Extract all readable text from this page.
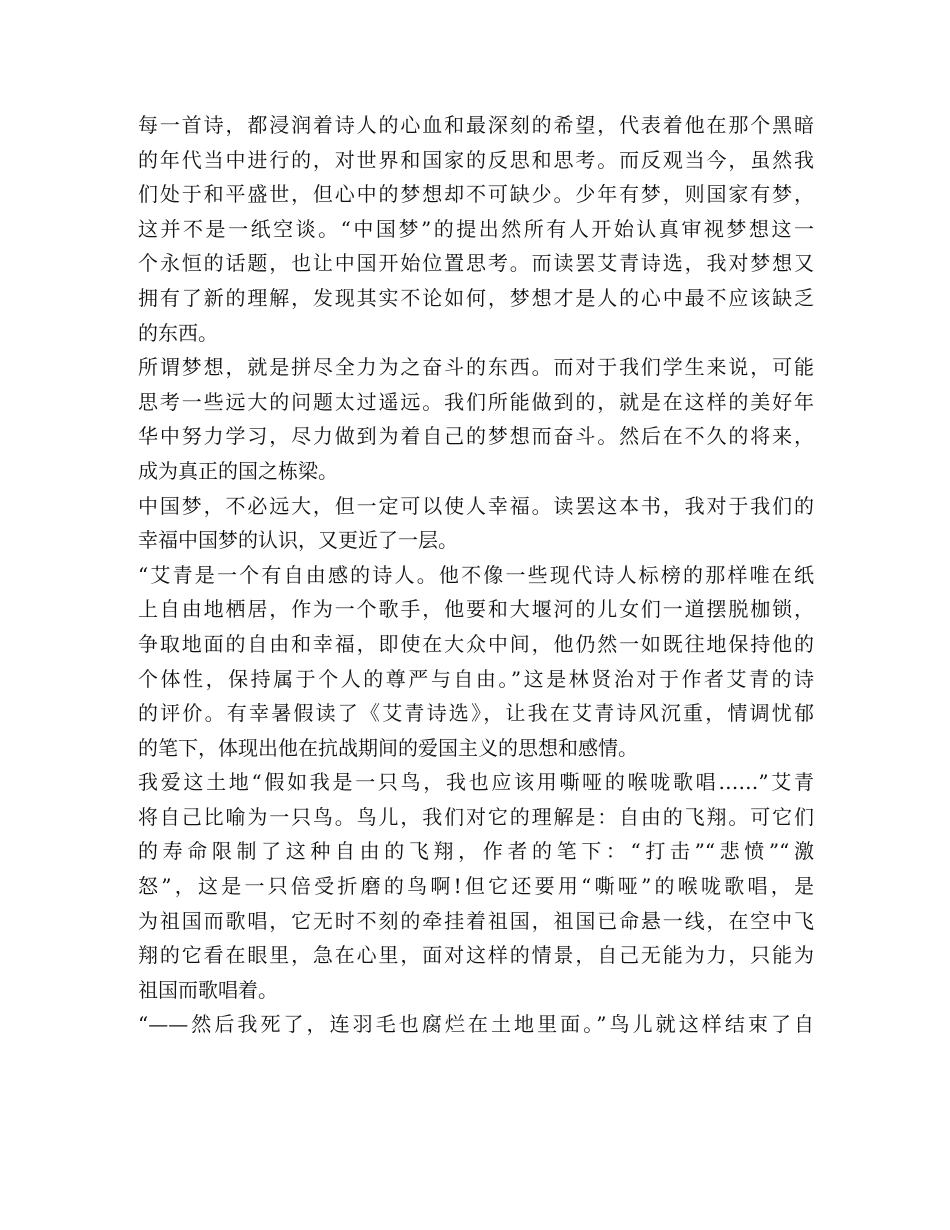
每一首诗，都浸润着诗人的心血和最深刻的希望，代表着他在那个黑暗
的年代当中进行的，对世界和国家的反思和思考。而反观当今，虽然我
们处于和平盛世，但心中的梦想却不可缺少。少年有梦，则国家有梦，
这并不是一纸空谈。“中国梦”的提出然所有人开始认真审视梦想这一
个永恒的话题，也让中国开始位置思考。而读罢艾青诗选，我对梦想又
拥有了新的理解，发现其实不论如何，梦想才是人的心中最不应该缺乏
的东西。
所谓梦想，就是拼尽全力为之奋斗的东西。而对于我们学生来说，可能
思考一些远大的问题太过遥远。我们所能做到的，就是在这样的美好年
华中努力学习，尽力做到为着自己的梦想而奋斗。然后在不久的将来，
成为真正的国之栋梁。
中国梦，不必远大，但一定可以使人幸福。读罢这本书，我对于我们的
幸福中国梦的认识，又更近了一层。
“艾青是一个有自由感的诗人。他不像一些现代诗人标榜的那样唯在纸
上自由地栖居，作为一个歌手，他要和大堰河的儿女们一道摆脱枷锁，
争取地面的自由和幸福，即使在大众中间，他仍然一如既往地保持他的
个体性，保持属于个人的尊严与自由。”这是林贤治对于作者艾青的诗
的评价。有幸暑假读了《艾青诗选》，让我在艾青诗风沉重，情调忧郁
的笔下，体现出他在抗战期间的爱国主义的思想和感情。
我爱这土地“假如我是一只鸟，我也应该用嘶哑的喉咙歌唱……”艾青
将自己比喻为一只鸟。鸟儿，我们对它的理解是：自由的飞翔。可它们
的寿命限制了这种自由的飞翔，作者的笔下：“打击”“悲愤”“激
怒”，这是一只倍受折磨的鸟啊!但它还要用“嘶哑”的喉咙歌唱，是
为祖国而歌唱，它无时不刻的牵挂着祖国，祖国已命悬一线，在空中飞
翔的它看在眼里，急在心里，面对这样的情景，自己无能为力，只能为
祖国而歌唱着。
“——然后我死了，连羽毛也腐烂在土地里面。”鸟儿就这样结束了自
